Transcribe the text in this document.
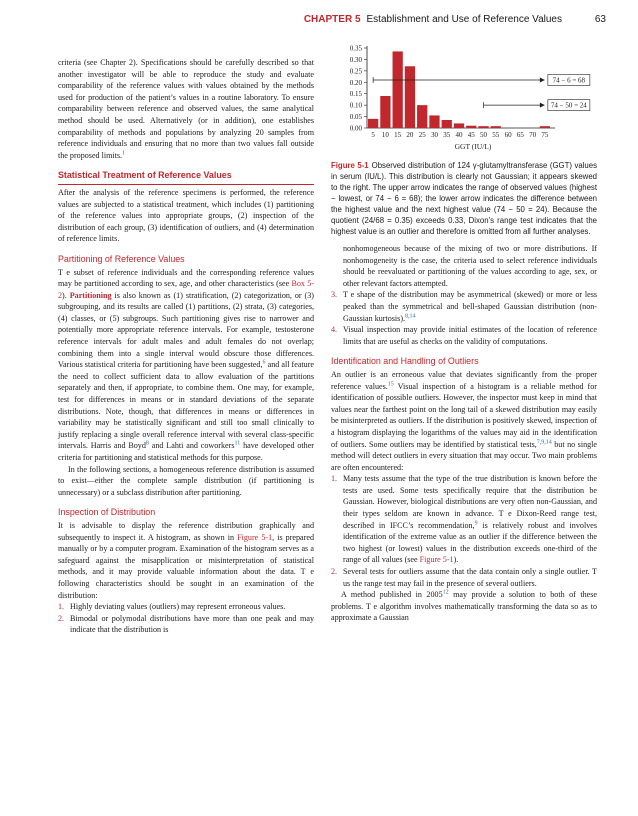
CHAPTER 5 Establishment and Use of Reference Values	63

criteria (see Chapter 2). Specifications should be carefully described so that another investigator will be able to reproduce the study and evaluate comparability of the reference values with values obtained by the methods used for production of the patient’s values in a routine laboratory. To ensure comparability between reference and observed values, the same analytical method should be used. Alternatively (or in addition), one establishes comparability of methods and populations by analyzing 20 samples from reference individuals and ensuring that no more than two values fall outside the proposed limits.$^1$

Statistical Treatment of Reference Values

After the analysis of the reference specimens is performed, the reference values are subjected to a statistical treatment, which includes (1) partitioning of the reference values into appropriate groups, (2) inspection of the distribution of each group, (3) identification of outliers, and (4) determination of reference limits.

Partitioning of Reference Values

T e subset of reference individuals and the corresponding reference values may be partitioned according to sex, age, and other characteristics (see Box 5-2). Partitioning is also known as (1) stratification, (2) categorization, or (3) subgrouping, and its results are called (1) partitions, (2) strata, (3) categories, (4) classes, or (5) subgroups. Such partitioning gives rise to narrower and potentially more appropriate reference intervals. For example, testosterone reference intervals for adult males and adult females do not overlap; combining them into a single interval would obscure those differences. Various statistical criteria for partitioning have been suggested,$^6$ and all feature the need to collect sufficient data to allow evaluation of the partitions separately and then, if appropriate, to combine them. One may, for example, test for differences in means or in standard deviations of the separate distributions. Note, though, that differences in means or differences in variability may be statistically significant and still too small clinically to justify replacing a single overall reference interval with several class-specific intervals. Harris and Boyd$^8$ and Lahti and coworkers$^{11}$ have developed other criteria for partitioning and statistical methods for this purpose.

In the following sections, a homogeneous reference distribution is assumed to exist—either the complete sample distribution (if partitioning is unnecessary) or a subclass distribution after partitioning.

Inspection of Distribution

It is advisable to display the reference distribution graphically and subsequently to inspect it. A histogram, as shown in Figure 5-1, is prepared manually or by a computer program. Examination of the histogram serves as a safeguard against the misapplication or misinterpretation of statistical methods, and it may provide valuable information about the data. T e following characteristics should be sought in an examination of the distribution:

1. Highly deviating values (outliers) may represent erroneous values.
2. Bimodal or polymodal distributions have more than one peak and may indicate that the distribution is
0.35
0.30
0.25
0.20
0.15
0.10
0.05
0.00
5 10 15 20 25 30 35 40 45 50 55 60 65 70 75
GGT (IU/L)
74 − 6 = 68
74 − 50 = 24
Figure 5-1 Observed distribution of 124 γ-glutamyltransferase (GGT) values in serum (IU/L). This distribution is clearly not Gaussian; it appears skewed to the right. The upper arrow indicates the range of observed values (highest − lowest, or 74 − 6 = 68); the lower arrow indicates the difference between the highest value and the next highest value (74 − 50 = 24). Because the quotient (24/68 = 0.35) exceeds 0.33, Dixon’s range test indicates that the highest value is an outlier and therefore is omitted from all further analyses.

nonhomogeneous because of the mixing of two or more distributions. If nonhomogeneity is the case, the criteria used to select reference individuals should be reevaluated or partitioning of the values according to age, sex, or other relevant factors attempted.

3. T e shape of the distribution may be asymmetrical (skewed) or more or less peaked than the symmetrical and bell-shaped Gaussian distribution (non-Gaussian kurtosis).$^{8,14}$
4. Visual inspection may provide initial estimates of the location of reference limits that are useful as checks on the validity of computations.
Identification and Handling of Outliers

An outlier is an erroneous value that deviates significantly from the proper reference values.$^{15}$ Visual inspection of a histogram is a reliable method for identification of possible outliers. However, the inspector must keep in mind that values near the farthest point on the long tail of a skewed distribution may easily be misinterpreted as outliers. If the distribution is positively skewed, inspection of a histogram displaying the logarithms of the values may aid in the identification of outliers. Some outliers may be identified by statistical tests,$^{7,9,14}$ but no single method will detect outliers in every situation that may occur. Two main problems are often encountered:

1. Many tests assume that the type of the true distribution is known before the tests are used. Some tests specifically require that the distribution be Gaussian. However, biological distributions are very often non-Gaussian, and their types seldom are known in advance. T e Dixon-Reed range test, described in IFCC’s recommendation,$^9$ is relatively robust and involves identification of the extreme value as an outlier if the difference between the two highest (or lowest) values in the distribution exceeds one-third of the range of all values (see Figure 5-1).
2. Several tests for outliers assume that the data contain only a single outlier. T us the range test may fail in the presence of several outliers.

A method published in 2005$^{12}$ may provide a solution to both of these problems. T e algorithm involves mathematically transforming the data so as to approximate a Gaussian
